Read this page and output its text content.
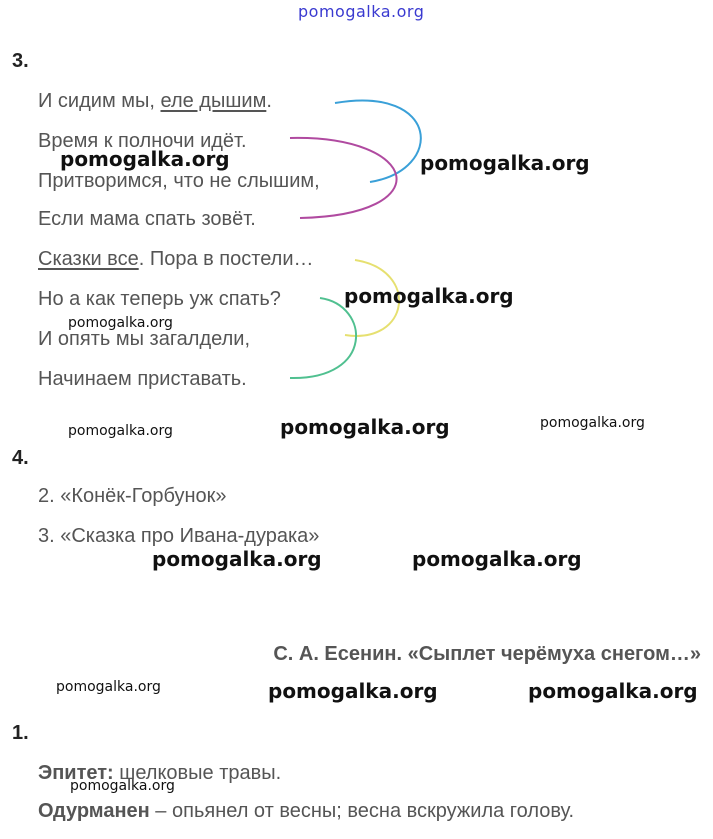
pomogalka.org
3.
И сидим мы, еле дышим.
Время к полночи идёт.
Притворимся, что не слышим,
Если мама спать зовёт.
Сказки все. Пора в постели…
Но а как теперь уж спать?
И опять мы загалдели,
Начинаем приставать.
4.
2. «Конёк-Горбунок»
3. «Сказка про Ивана-дурака»
С. А. Есенин. «Сыплет черёмуха снегом…»
1.
Эпитет: шелковые травы.
Одурманен – опьянел от весны; весна вскружила голову.
pomogalka.org	pomogalka.org
pomogalka.org
pomogalka.org
pomogalka.org	pomogalka.org	pomogalka.org
pomogalka.org	pomogalka.org
pomogalka.org	pomogalka.org	pomogalka.org
pomogalka.org
